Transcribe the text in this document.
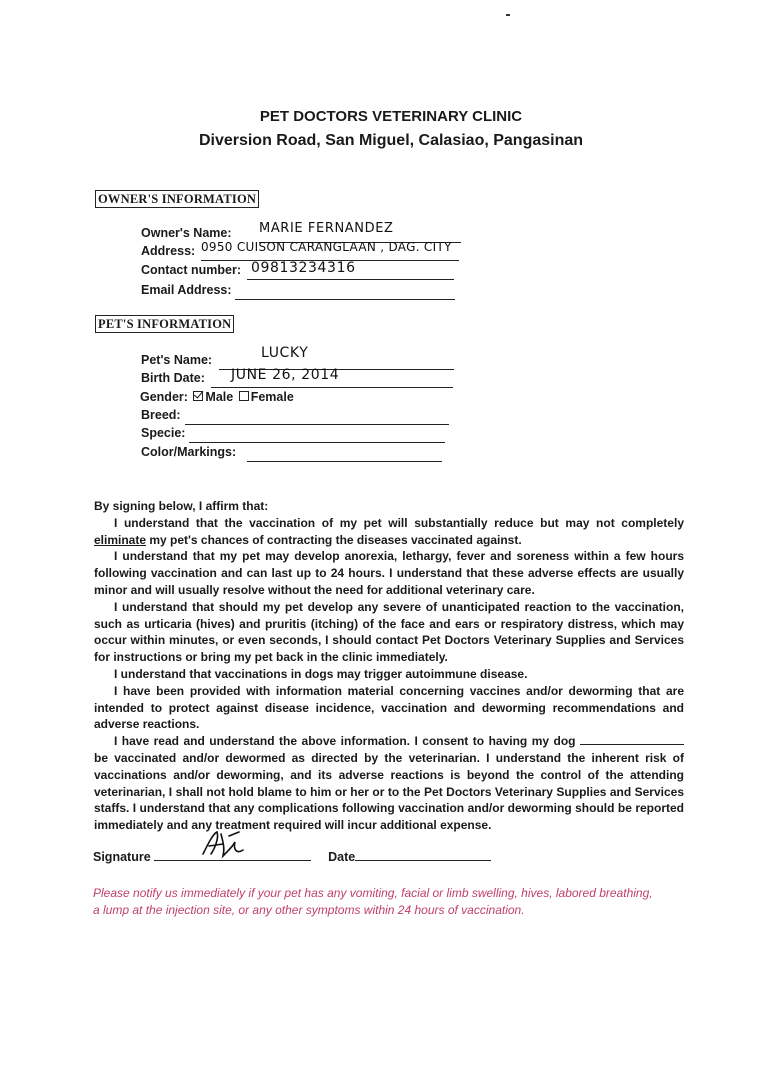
PET DOCTORS VETERINARY CLINIC
Diversion Road, San Miguel, Calasiao, Pangasinan
OWNER'S INFORMATION
Owner's Name: MARIE FERNANDEZ
Address: 0950 CUISON CARANGLAAN , DAG. CITY
Contact number: 09813234316
Email Address:
PET'S INFORMATION
Pet's Name:	LUCKY
Birth Date: JUNE 26, 2014
Gender: Male Female
Breed:
Specie:
Color/Markings:

By signing below, I affirm that:

I understand that the vaccination of my pet will substantially reduce but may not completely eliminate my pet's chances of contracting the diseases vaccinated against.

I understand that my pet may develop anorexia, lethargy, fever and soreness within a few hours following vaccination and can last up to 24 hours. I understand that these adverse effects are usually minor and will usually resolve without the need for additional veterinary care.

I understand that should my pet develop any severe of unanticipated reaction to the vaccination, such as urticaria (hives) and pruritis (itching) of the face and ears or respiratory distress, which may occur within minutes, or even seconds, I should contact Pet Doctors Veterinary Supplies and Services for instructions or bring my pet back in the clinic immediately.

I understand that vaccinations in dogs may trigger autoimmune disease.

I have been provided with information material concerning vaccines and/or deworming that are intended to protect against disease incidence, vaccination and deworming recommendations and adverse reactions.

I have read and understand the above information. I consent to having my dog  be vaccinated and/or dewormed as directed by the veterinarian. I understand the inherent risk of vaccinations and/or deworming, and its adverse reactions is beyond the control of the attending veterinarian, I shall not hold blame to him or her or to the Pet Doctors Veterinary Supplies and Services staffs. I understand that any complications following vaccination and/or deworming should be reported immediately and any treatment required will incur additional expense.

Signature	Date
Please notify us immediately if your pet has any vomiting, facial or limb swelling, hives, labored breathing, a lump at the injection site, or any other symptoms within 24 hours of vaccination.
